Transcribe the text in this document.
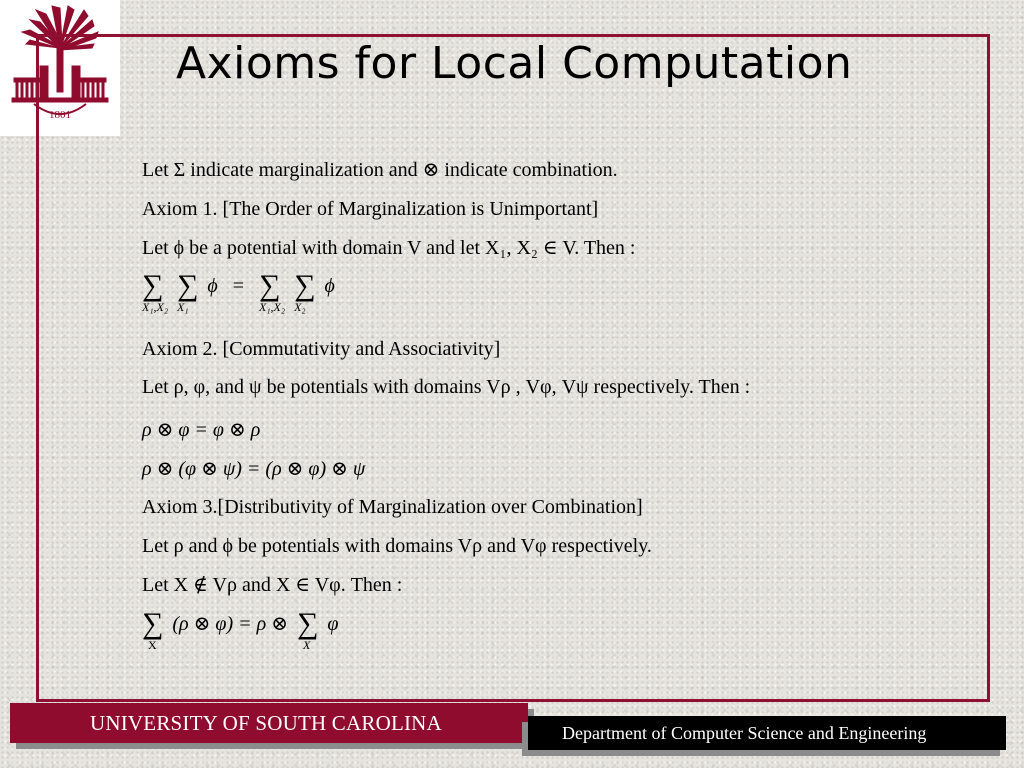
1801
Axioms for Local Computation
Let Σ indicate marginalization and ⊗ indicate combination.
Axiom 1. [The Order of Marginalization is Unimportant]
Let ϕ be a potential with domain V and let X₁, X₂ ∈ V. Then :
∑
X₁,X₂

∑
X₁
ϕ = ∑
X₁,X₂

∑
X₂
ϕ
Axiom 2. [Commutativity and Associativity]
Let ρ, φ, and ψ be potentials with domains Vρ , Vφ, Vψ respectively. Then :
ρ ⊗ φ = φ ⊗ ρ
ρ ⊗ (φ ⊗ ψ) = (ρ ⊗ φ) ⊗ ψ
Axiom 3.[Distributivity of Marginalization over Combination]
Let ρ and ϕ be potentials with domains Vρ and Vφ respectively.
Let X ∉ Vρ and X ∈ Vφ. Then :
∑
X
(ρ ⊗ φ) = ρ ⊗ ∑
X
φ
UNIVERSITY OF SOUTH CAROLINA	Department of Computer Science and Engineering
